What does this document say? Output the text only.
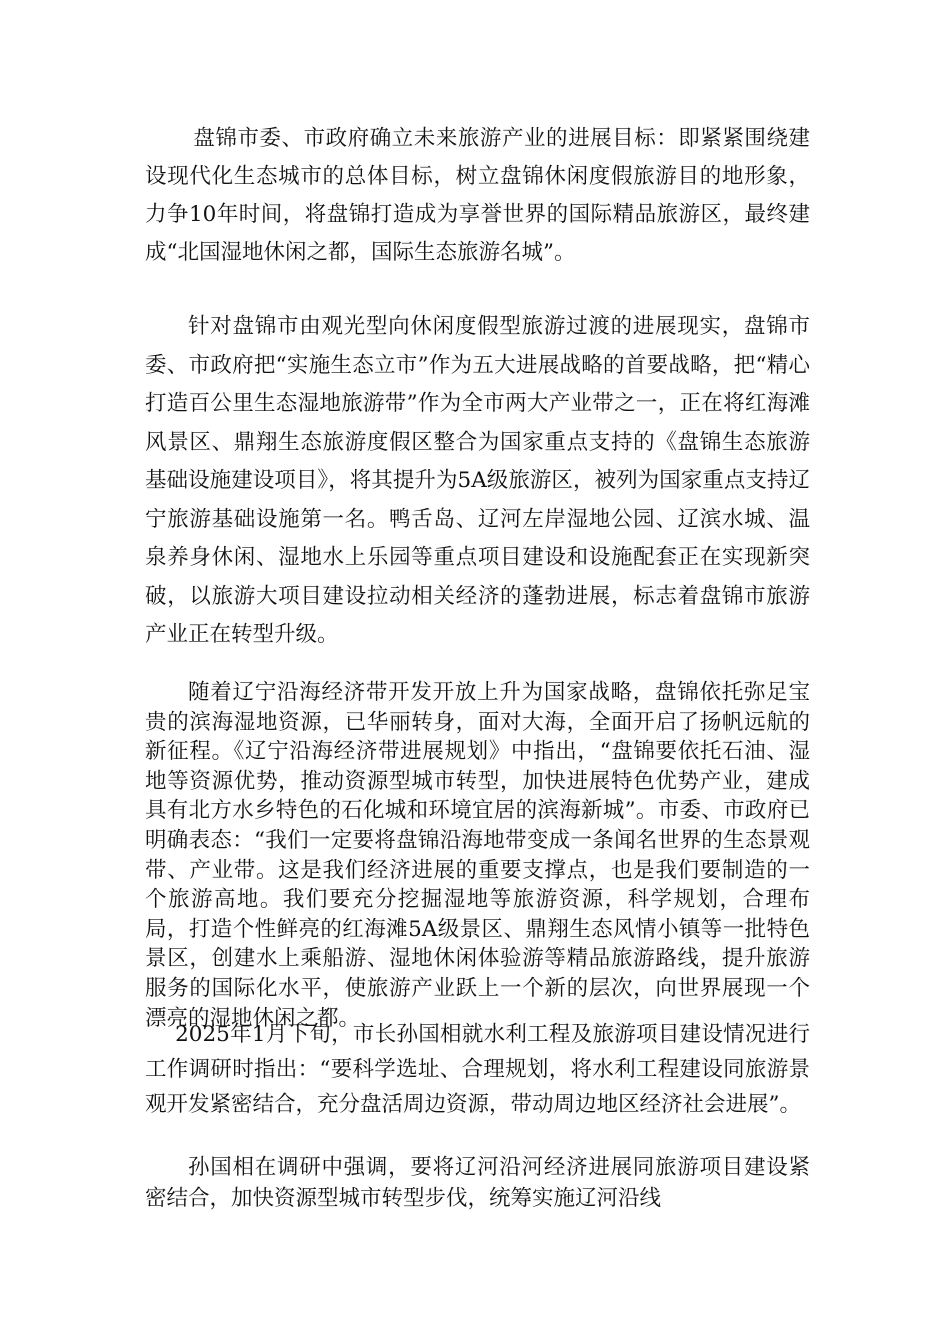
盘锦市委、市政府确立未来旅游产业的进展目标：即紧紧围绕建设现代化生态城市的总体目标，树立盘锦休闲度假旅游目的地形象，力争10年时间，将盘锦打造成为享誉世界的国际精品旅游区，最终建成“北国湿地休闲之都，国际生态旅游名城”。

针对盘锦市由观光型向休闲度假型旅游过渡的进展现实，盘锦市委、市政府把“实施生态立市”作为五大进展战略的首要战略，把“精心打造百公里生态湿地旅游带”作为全市两大产业带之一，正在将红海滩风景区、鼎翔生态旅游度假区整合为国家重点支持的《盘锦生态旅游基础设施建设项目》，将其提升为5A级旅游区，被列为国家重点支持辽宁旅游基础设施第一名。鸭舌岛、辽河左岸湿地公园、辽滨水城、温泉养身休闲、湿地水上乐园等重点项目建设和设施配套正在实现新突破，以旅游大项目建设拉动相关经济的蓬勃进展，标志着盘锦市旅游产业正在转型升级。

随着辽宁沿海经济带开发开放上升为国家战略，盘锦依托弥足宝贵的滨海湿地资源，已华丽转身，面对大海，全面开启了扬帆远航的新征程。《辽宁沿海经济带进展规划》中指出，“盘锦要依托石油、湿地等资源优势，推动资源型城市转型，加快进展特色优势产业，建成具有北方水乡特色的石化城和环境宜居的滨海新城”。市委、市政府已明确表态：“我们一定要将盘锦沿海地带变成一条闻名世界的生态景观带、产业带。这是我们经济进展的重要支撑点，也是我们要制造的一个旅游高地。我们要充分挖掘湿地等旅游资源，科学规划，合理布局，打造个性鲜亮的红海滩5A级景区、鼎翔生态风情小镇等一批特色景区，创建水上乘船游、湿地休闲体验游等精品旅游路线，提升旅游服务的国际化水平，使旅游产业跃上一个新的层次，向世界展现一个漂亮的湿地休闲之都。

2025年1月下旬，市长孙国相就水利工程及旅游项目建设情况进行工作调研时指出：“要科学选址、合理规划，将水利工程建设同旅游景观开发紧密结合，充分盘活周边资源，带动周边地区经济社会进展”。

孙国相在调研中强调，要将辽河沿河经济进展同旅游项目建设紧密结合，加快资源型城市转型步伐，统筹实施辽河沿线
